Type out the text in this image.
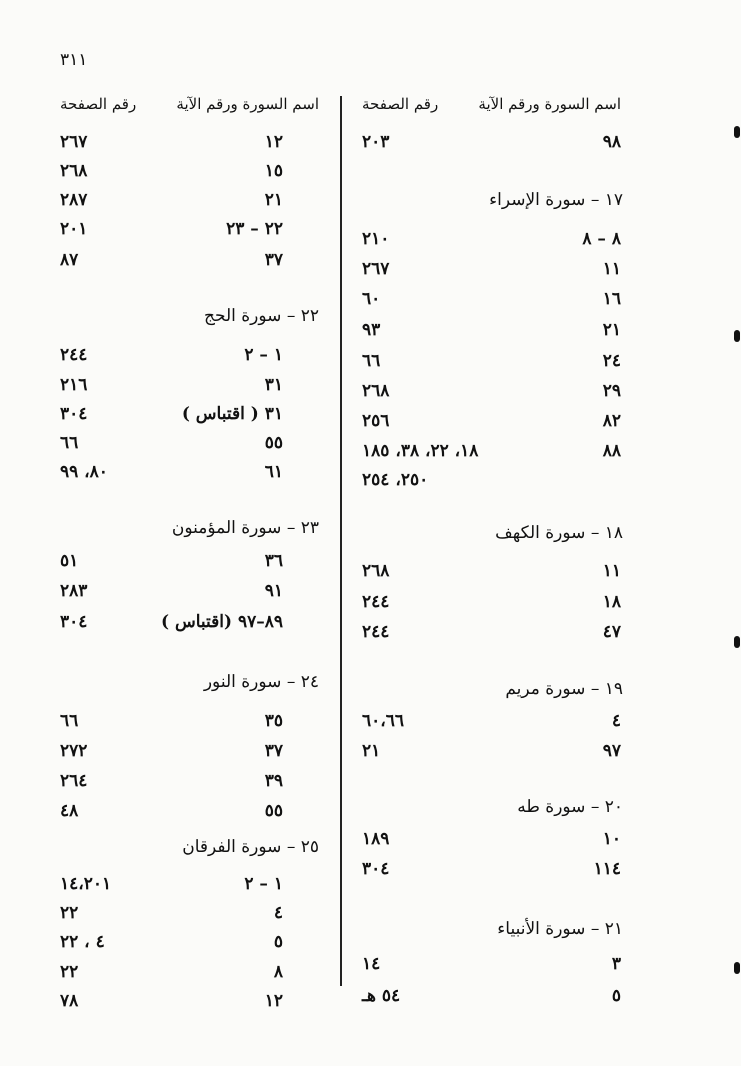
٣١١
اسم السورة ورقم الآية
رقم الصفحة
٩٨
٢٠٣
١٧ – سورة الإسراء
٨ – ٨
٢١٠
١١
٢٦٧
١٦
٦٠
٢١
٩٣
٢٤
٦٦
٢٩
٢٦٨
٨٢
٢٥٦
٨٨
١٨، ٢٢، ٣٨، ١٨٥
٢٥٠، ٢٥٤
١٨ – سورة الكهف
١١
٢٦٨
١٨
٢٤٤
٤٧
٢٤٤
١٩ – سورة مريم
٤
٦٠،٦٦
٩٧
٢١
٢٠ – سورة طه
١٠
١٨٩
١١٤
٣٠٤
٢١ – سورة الأنبياء
٣
١٤
٥
٥٤ هـ
اسم السورة ورقم الآية
رقم الصفحة
١٢
٢٦٧
١٥
٢٦٨
٢١
٢٨٧
٢٢ – ٢٣
٢٠١
٣٧
٨٧
٢٢ – سورة الحج
١ – ٢
٢٤٤
٣١
٢١٦
٣١ ( اقتباس )
٣٠٤
٥٥
٦٦
٦١
٨٠، ٩٩
٢٣ – سورة المؤمنون
٣٦
٥١
٩١
٢٨٣
٨٩–٩٧ (اقتباس )
٣٠٤
٢٤ – سورة النور
٣٥
٦٦
٣٧
٢٧٢
٣٩
٢٦٤
٥٥
٤٨
٢٥ – سورة الفرقان
١ – ٢
١٤،٢٠١
٤
٢٢
٥
٤ ، ٢٢
٨
٢٢
١٢
٧٨
